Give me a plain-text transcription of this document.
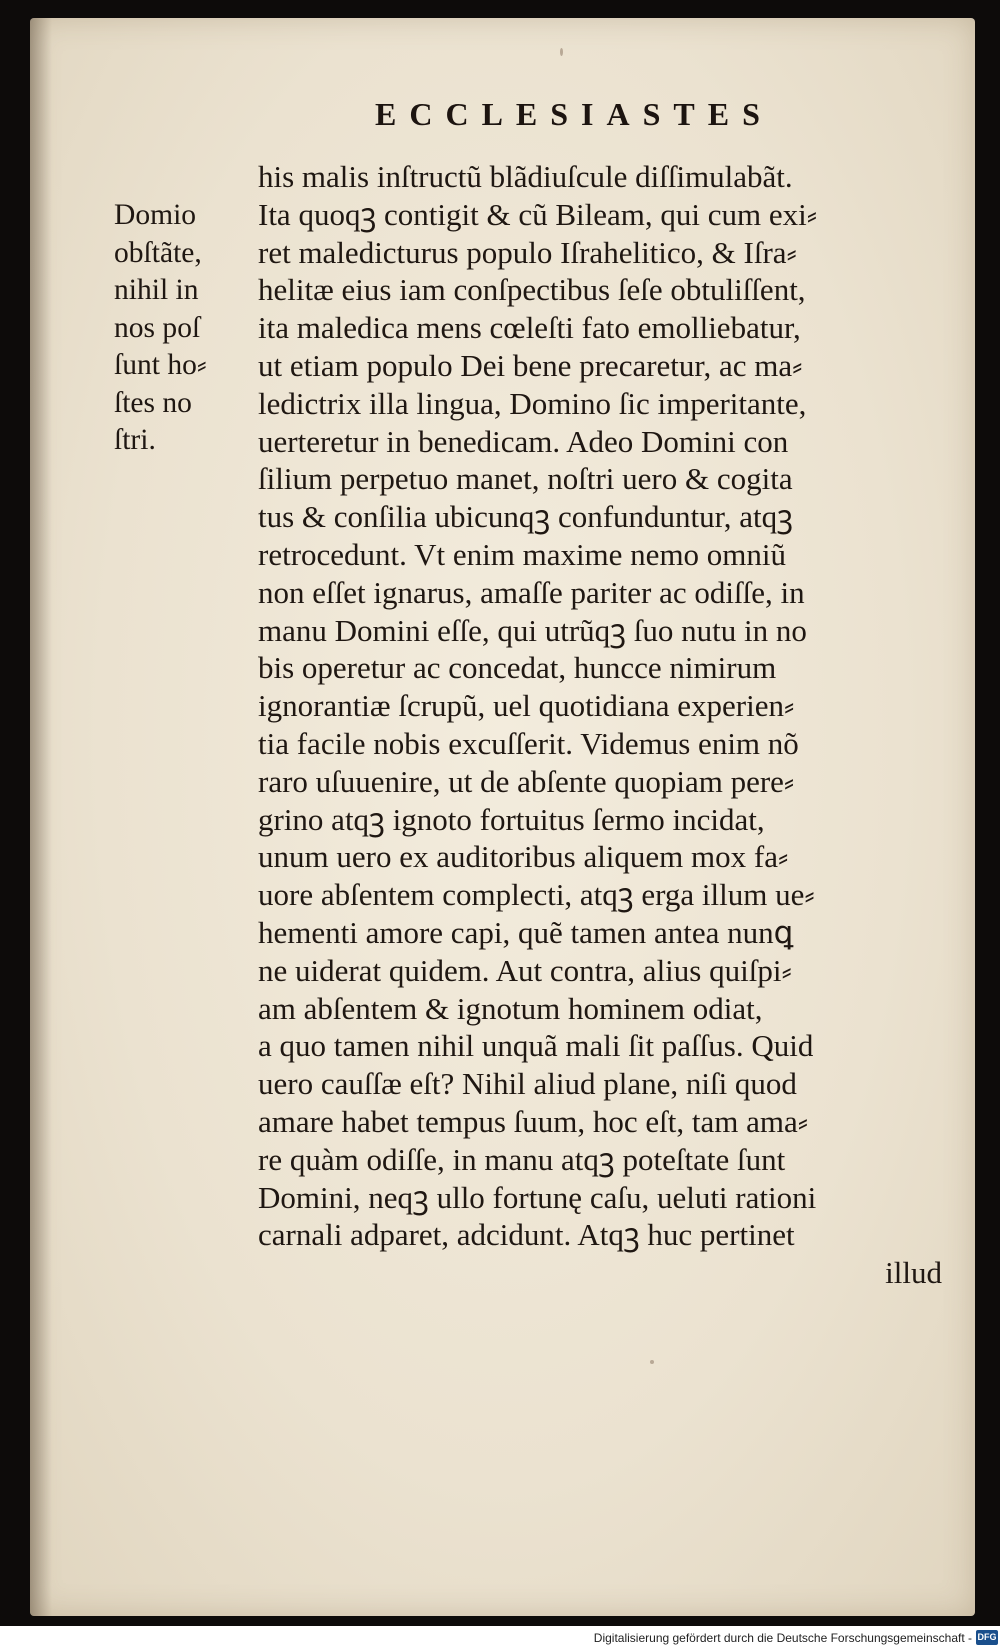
ECCLESIASTES
Domio
obſtãte,
nihil in
nos poſ
ſunt ho⸗
ſtes no
ſtri.
his malis inſtructũ blãdiuſcule diſſimulabãt.
Ita quoqꝫ contigit & cũ Bileam, qui cum exi⸗
ret maledicturus populo Iſrahelitico, & Iſra⸗
helitæ eius iam conſpectibus ſeſe obtuliſſent,
ita maledica mens cœleſti fato emolliebatur,
ut etiam populo Dei bene precaretur, ac ma⸗
ledictrix illa lingua, Domino ſic imperitante,
uerteretur in benedicam. Adeo Domini con
ſilium perpetuo manet, noſtri uero & cogita
tus & conſilia ubicunqꝫ confunduntur, atqꝫ
retrocedunt. Vt enim maxime nemo omniũ
non eſſet ignarus, amaſſe pariter ac odiſſe, in
manu Domini eſſe, qui utrũqꝫ ſuo nutu in no
bis operetur ac concedat, huncce nimirum
ignorantiæ ſcrupũ, uel quotidiana experien⸗
tia facile nobis excuſſerit. Videmus enim nõ
raro uſuuenire, ut de abſente quopiam pere⸗
grino atqꝫ ignoto fortuitus ſermo incidat,
unum uero ex auditoribus aliquem mox fa⸗
uore abſentem complecti, atqꝫ erga illum ue⸗
hementi amore capi, quẽ tamen antea nunꝗ
ne uiderat quidem. Aut contra, alius quiſpi⸗
am abſentem & ignotum hominem odiat,
a quo tamen nihil unquã mali ſit paſſus. Quid
uero cauſſæ eſt? Nihil aliud plane, niſi quod
amare habet tempus ſuum, hoc eſt, tam ama⸗
re quàm odiſſe, in manu atqꝫ poteſtate ſunt
Domini, neqꝫ ullo fortunę caſu, ueluti rationi
carnali adparet, adcidunt. Atqꝫ huc pertinet
illud
Digitalisierung gefördert durch die Deutsche Forschungsgemeinschaft - DFG
